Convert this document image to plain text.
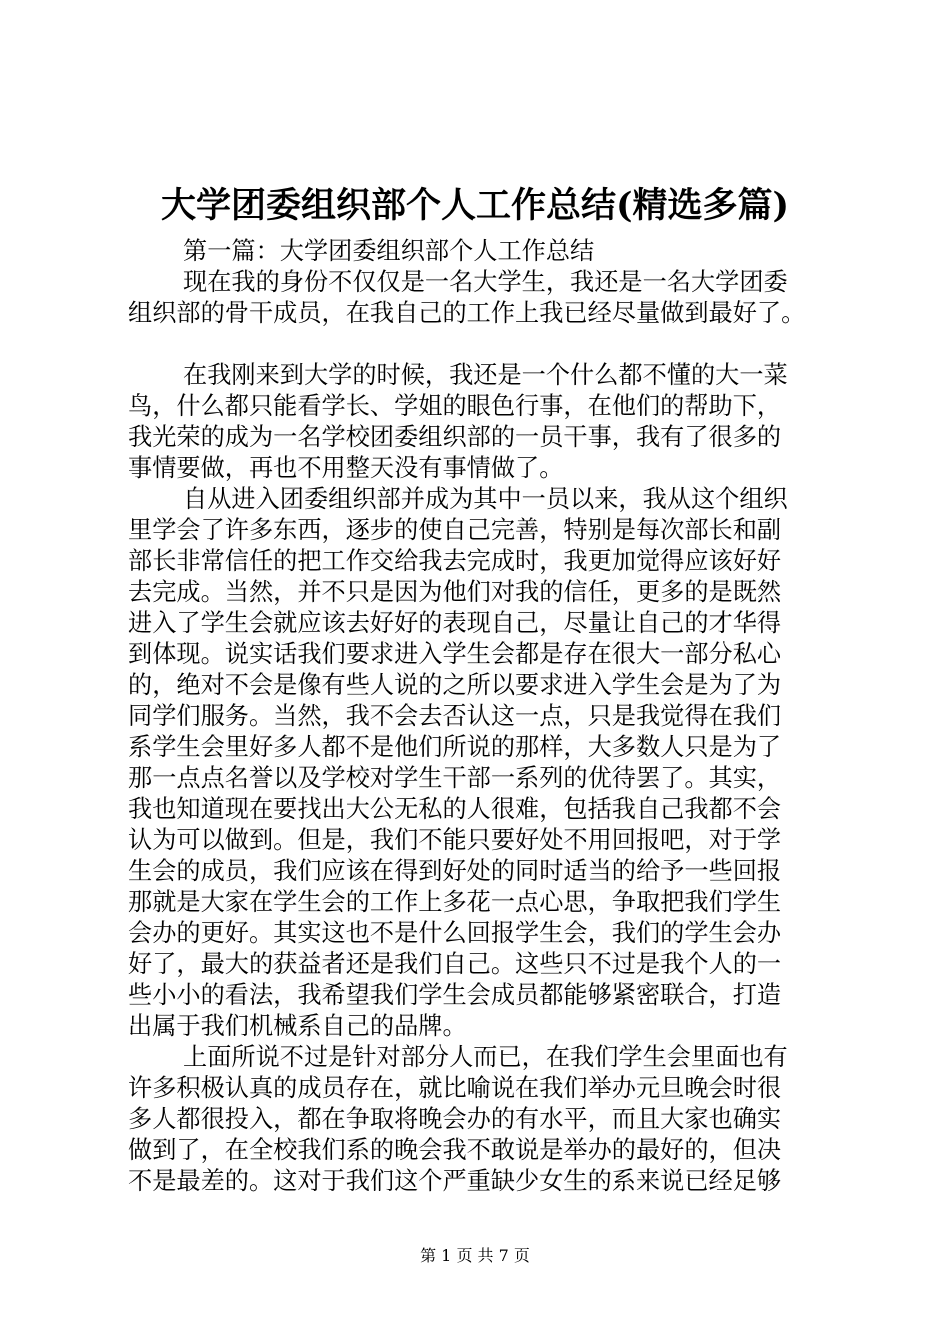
大学团委组织部个人工作总结(精选多篇)
第一篇：大学团委组织部个人工作总结
现在我的身份不仅仅是一名大学生，我还是一名大学团委
组织部的骨干成员，在我自己的工作上我已经尽量做到最好了。
在我刚来到大学的时候，我还是一个什么都不懂的大一菜
鸟，什么都只能看学长、学姐的眼色行事，在他们的帮助下，
我光荣的成为一名学校团委组织部的一员干事，我有了很多的
事情要做，再也不用整天没有事情做了。
自从进入团委组织部并成为其中一员以来，我从这个组织
里学会了许多东西，逐步的使自己完善，特别是每次部长和副
部长非常信任的把工作交给我去完成时，我更加觉得应该好好
去完成。当然，并不只是因为他们对我的信任，更多的是既然
进入了学生会就应该去好好的表现自己，尽量让自己的才华得
到体现。说实话我们要求进入学生会都是存在很大一部分私心
的，绝对不会是像有些人说的之所以要求进入学生会是为了为
同学们服务。当然，我不会去否认这一点，只是我觉得在我们
系学生会里好多人都不是他们所说的那样，大多数人只是为了
那一点点名誉以及学校对学生干部一系列的优待罢了。其实，
我也知道现在要找出大公无私的人很难，包括我自己我都不会
认为可以做到。但是，我们不能只要好处不用回报吧，对于学
生会的成员，我们应该在得到好处的同时适当的给予一些回报
那就是大家在学生会的工作上多花一点心思，争取把我们学生
会办的更好。其实这也不是什么回报学生会，我们的学生会办
好了，最大的获益者还是我们自己。这些只不过是我个人的一
些小小的看法，我希望我们学生会成员都能够紧密联合，打造
出属于我们机械系自己的品牌。
上面所说不过是针对部分人而已，在我们学生会里面也有
许多积极认真的成员存在，就比喻说在我们举办元旦晚会时很
多人都很投入，都在争取将晚会办的有水平，而且大家也确实
做到了，在全校我们系的晚会我不敢说是举办的最好的，但决
不是最差的。这对于我们这个严重缺少女生的系来说已经足够
第 1 页 共 7 页
